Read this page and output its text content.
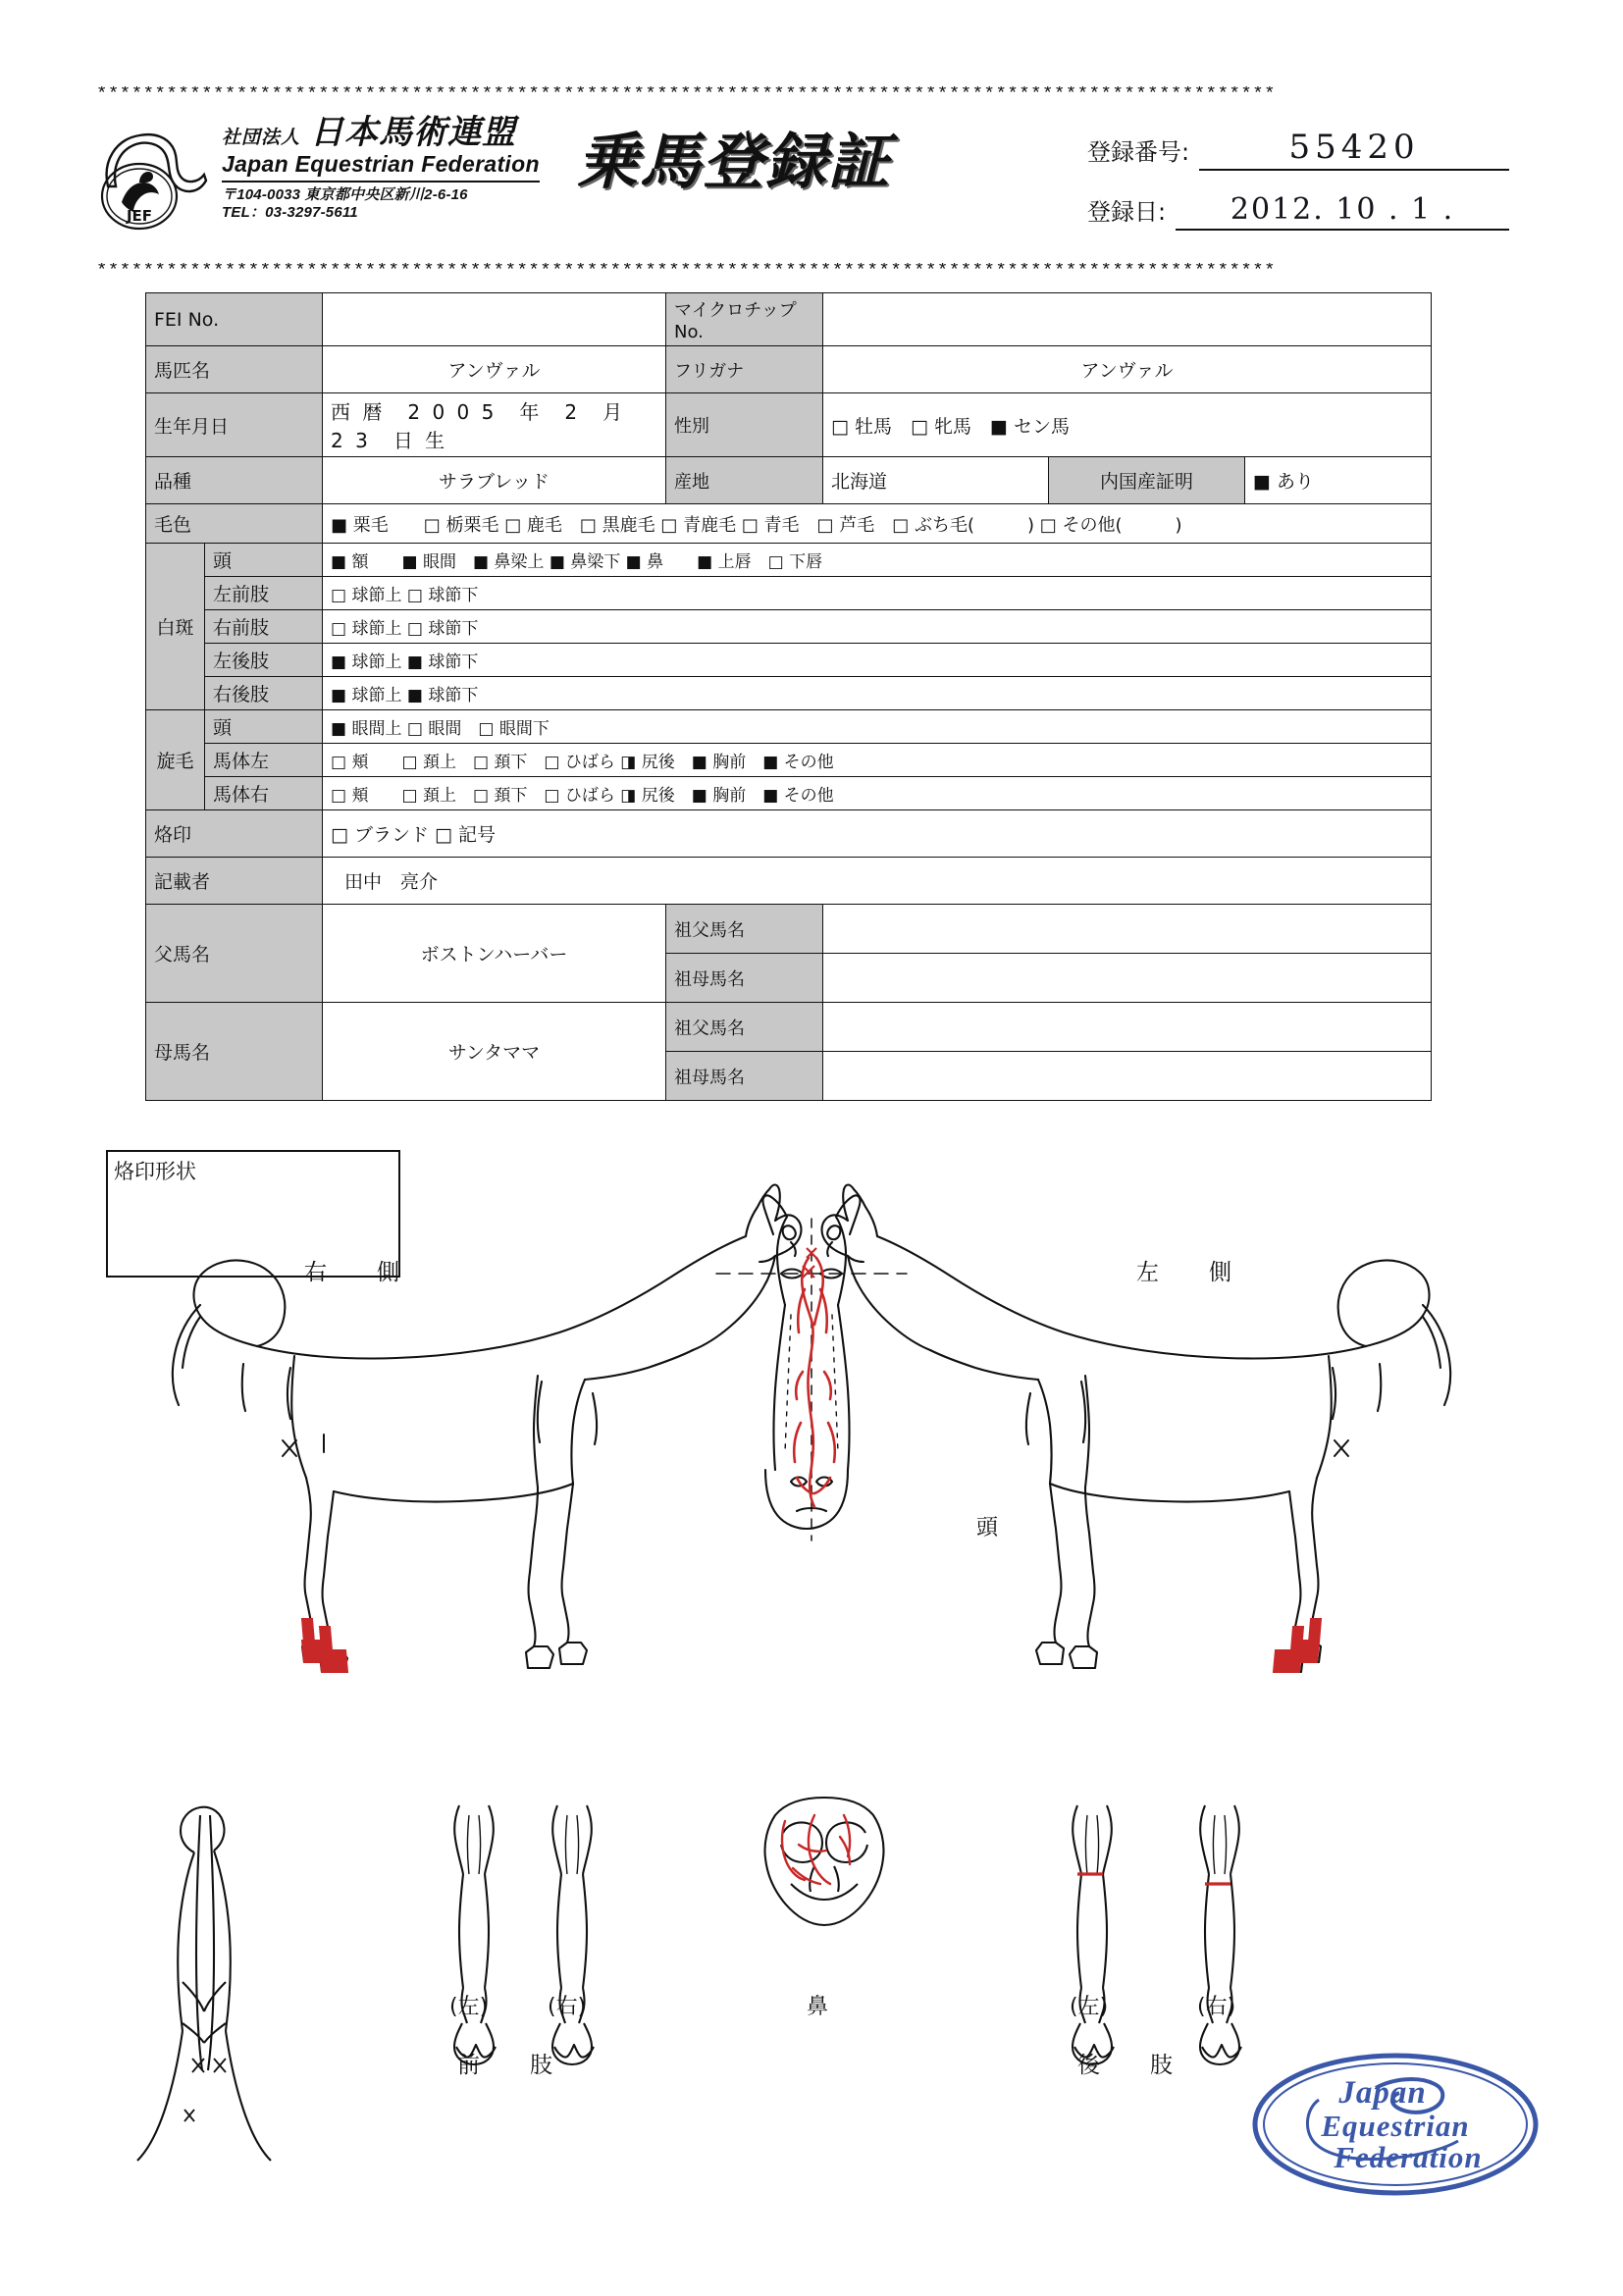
*****************************************************************************************************
JEF
社団法人 日本馬術連盟
Japan Equestrian Federation
〒104-0033 東京都中央区新川2-6-16
TEL：03-3297-5611
乗馬登録証	登録番号:	55420
登録日:	2012. 10 . 1 .
*****************************************************************************************************
FEI No.			マイクロチップNo.			
馬匹名		アンヴァル	フリガナ	アンヴァル		
生年月日		西 暦　2 0 0 5　年　2　月　2 3　日 生	性別	□ 牡馬　□ 牝馬　■ セン馬		
品種		サラブレッド	産地	北海道	内国産証明	■ あり
毛色		■ 栗毛　　□ 栃栗毛 □ 鹿毛　□ 黒鹿毛 □ 青鹿毛 □ 青毛　□ 芦毛　□ ぶち毛(　　　) □ その他(　　　)				
	頭	■ 額　　■ 眼間　■ 鼻梁上 ■ 鼻梁下 ■ 鼻　　■ 上唇　□ 下唇				
	左前肢	□ 球節上 □ 球節下				
白斑	右前肢	□ 球節上 □ 球節下				
	左後肢	■ 球節上 ■ 球節下				
	右後肢	■ 球節上 ■ 球節下				
	頭	■ 眼間上 □ 眼間　□ 眼間下				
旋毛	馬体左	□ 頬　　□ 頚上　□ 頚下　□ ひばら ◨ 尻後　■ 胸前　■ その他				
	馬体右	□ 頬　　□ 頚上　□ 頚下　□ ひばら ◨ 尻後　■ 胸前　■ その他				
烙印		□ ブランド □ 記号				
記載者		田中　亮介				
父馬名		ボストンハーバー	祖父馬名			
			祖母馬名			
母馬名		サンタママ	祖父馬名			
			祖母馬名			
烙印形状
右　側	左　側
頭
(左)	(右)
前　肢
鼻	(左)	(右)
後　肢
Japan
Equestrian
Federation
